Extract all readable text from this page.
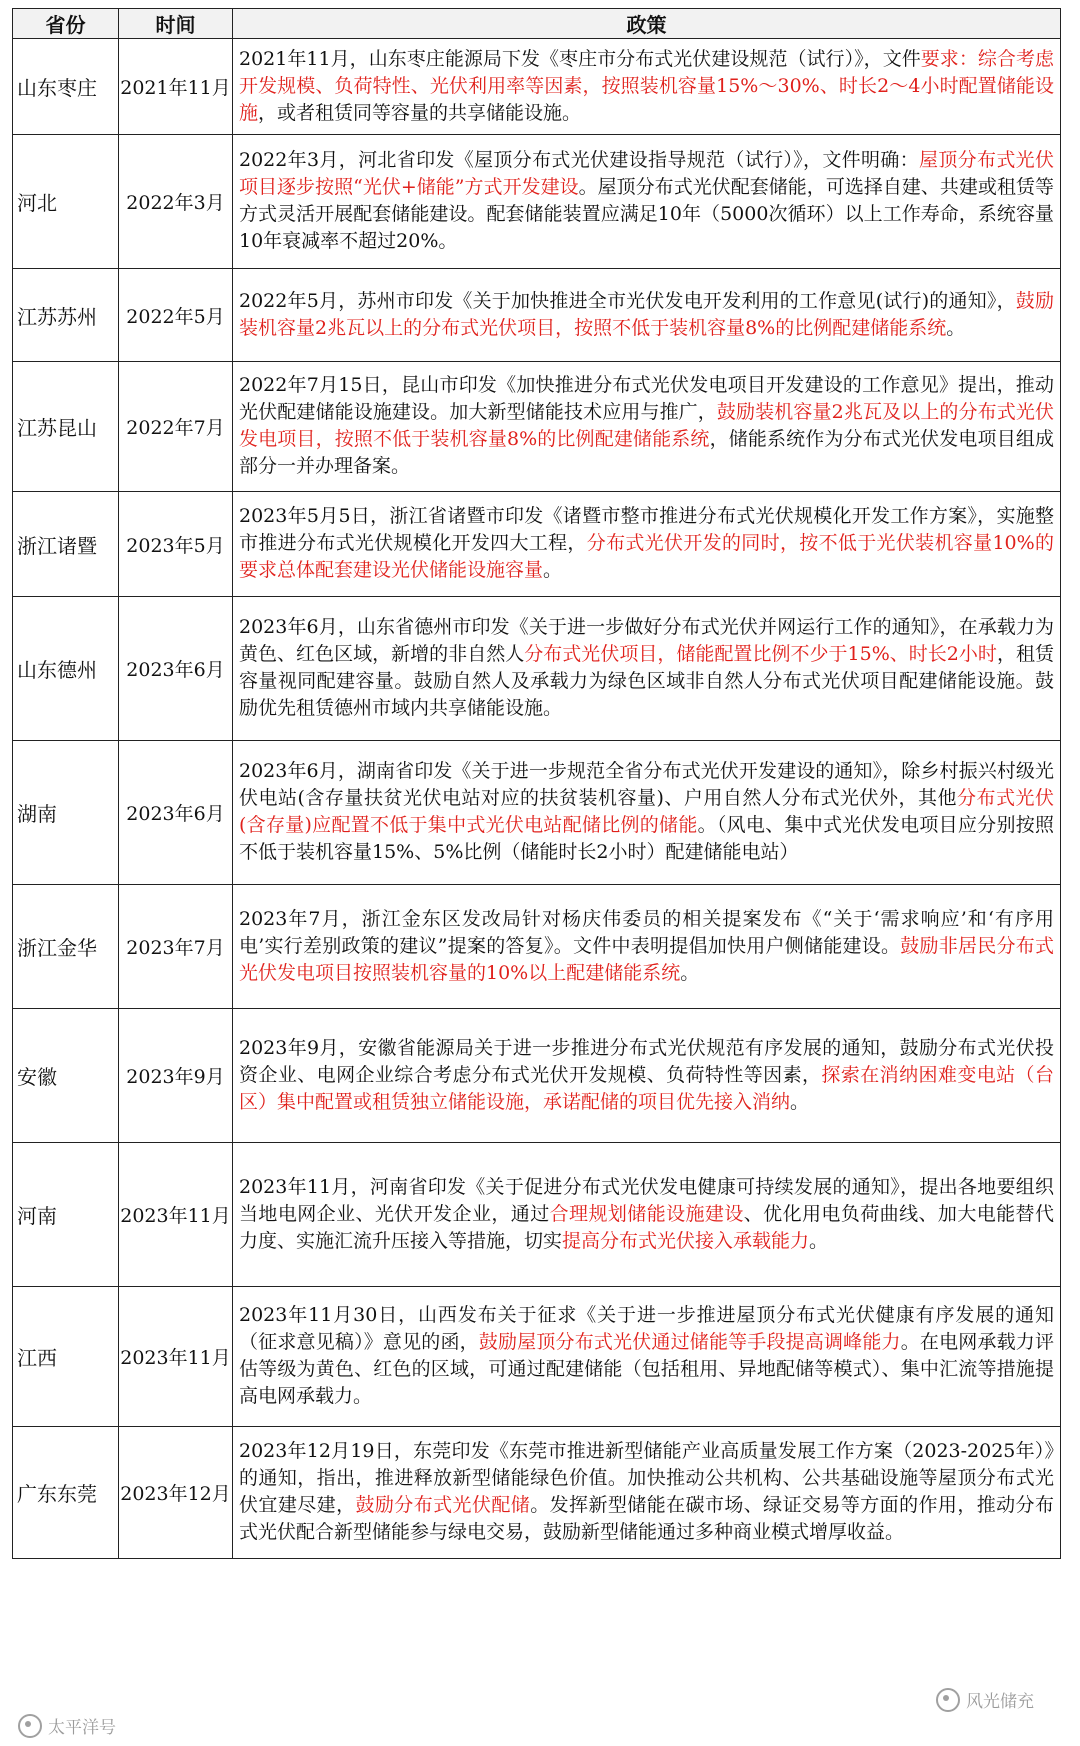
省份	时间	政策
山东枣庄	2021年11月	2021年11月，山东枣庄能源局下发《枣庄市分布式光伏建设规范（试行）》，文件要求：综合考虑开发规模、负荷特性、光伏利用率等因素，按照装机容量15%～30%、时长2～4小时配置储能设施，或者租赁同等容量的共享储能设施。
河北	2022年3月	2022年3月，河北省印发《屋顶分布式光伏建设指导规范（试行）》，文件明确：屋顶分布式光伏项目逐步按照“光伏+储能”方式开发建设。屋顶分布式光伏配套储能，可选择自建、共建或租赁等方式灵活开展配套储能建设。配套储能装置应满足10年（5000次循环）以上工作寿命，系统容量10年衰减率不超过20%。
江苏苏州	2022年5月	2022年5月，苏州市印发《关于加快推进全市光伏发电开发利用的工作意见(试行)的通知》，鼓励装机容量2兆瓦以上的分布式光伏项目，按照不低于装机容量8%的比例配建储能系统。
江苏昆山	2022年7月	2022年7月15日，昆山市印发《加快推进分布式光伏发电项目开发建设的工作意见》提出，推动光伏配建储能设施建设。加大新型储能技术应用与推广，鼓励装机容量2兆瓦及以上的分布式光伏发电项目，按照不低于装机容量8%的比例配建储能系统，储能系统作为分布式光伏发电项目组成部分一并办理备案。
浙江诸暨	2023年5月	2023年5月5日，浙江省诸暨市印发《诸暨市整市推进分布式光伏规模化开发工作方案》，实施整市推进分布式光伏规模化开发四大工程，分布式光伏开发的同时，按不低于光伏装机容量10%的要求总体配套建设光伏储能设施容量。
山东德州	2023年6月	2023年6月，山东省德州市印发《关于进一步做好分布式光伏并网运行工作的通知》，在承载力为黄色、红色区域，新增的非自然人分布式光伏项目，储能配置比例不少于15%、时长2小时，租赁容量视同配建容量。鼓励自然人及承载力为绿色区域非自然人分布式光伏项目配建储能设施。鼓励优先租赁德州市域内共享储能设施。
湖南	2023年6月	2023年6月，湖南省印发《关于进一步规范全省分布式光伏开发建设的通知》，除乡村振兴村级光伏电站(含存量扶贫光伏电站对应的扶贫装机容量)、户用自然人分布式光伏外，其他分布式光伏(含存量)应配置不低于集中式光伏电站配储比例的储能。（风电、集中式光伏发电项目应分别按照不低于装机容量15%、5%比例（储能时长2小时）配建储能电站）
浙江金华	2023年7月	2023年7月，浙江金东区发改局针对杨庆伟委员的相关提案发布《“关于‘需求响应’和‘有序用电’实行差别政策的建议”提案的答复》。文件中表明提倡加快用户侧储能建设。鼓励非居民分布式光伏发电项目按照装机容量的10%以上配建储能系统。
安徽	2023年9月	2023年9月，安徽省能源局关于进一步推进分布式光伏规范有序发展的通知，鼓励分布式光伏投资企业、电网企业综合考虑分布式光伏开发规模、负荷特性等因素，探索在消纳困难变电站（台区）集中配置或租赁独立储能设施，承诺配储的项目优先接入消纳。
河南	2023年11月	2023年11月，河南省印发《关于促进分布式光伏发电健康可持续发展的通知》，提出各地要组织当地电网企业、光伏开发企业，通过合理规划储能设施建设、优化用电负荷曲线、加大电能替代力度、实施汇流升压接入等措施，切实提高分布式光伏接入承载能力。
江西	2023年11月	2023年11月30日，山西发布关于征求《关于进一步推进屋顶分布式光伏健康有序发展的通知（征求意见稿）》意见的函，鼓励屋顶分布式光伏通过储能等手段提高调峰能力。在电网承载力评估等级为黄色、红色的区域，可通过配建储能（包括租用、异地配储等模式）、集中汇流等措施提高电网承载力。
广东东莞	2023年12月	2023年12月19日，东莞印发《东莞市推进新型储能产业高质量发展工作方案（2023-2025年）》的通知，指出，推进释放新型储能绿色价值。加快推动公共机构、公共基础设施等屋顶分布式光伏宜建尽建，鼓励分布式光伏配储。发挥新型储能在碳市场、绿证交易等方面的作用，推动分布式光伏配合新型储能参与绿电交易，鼓励新型储能通过多种商业模式增厚收益。
太平洋号
风光储充
